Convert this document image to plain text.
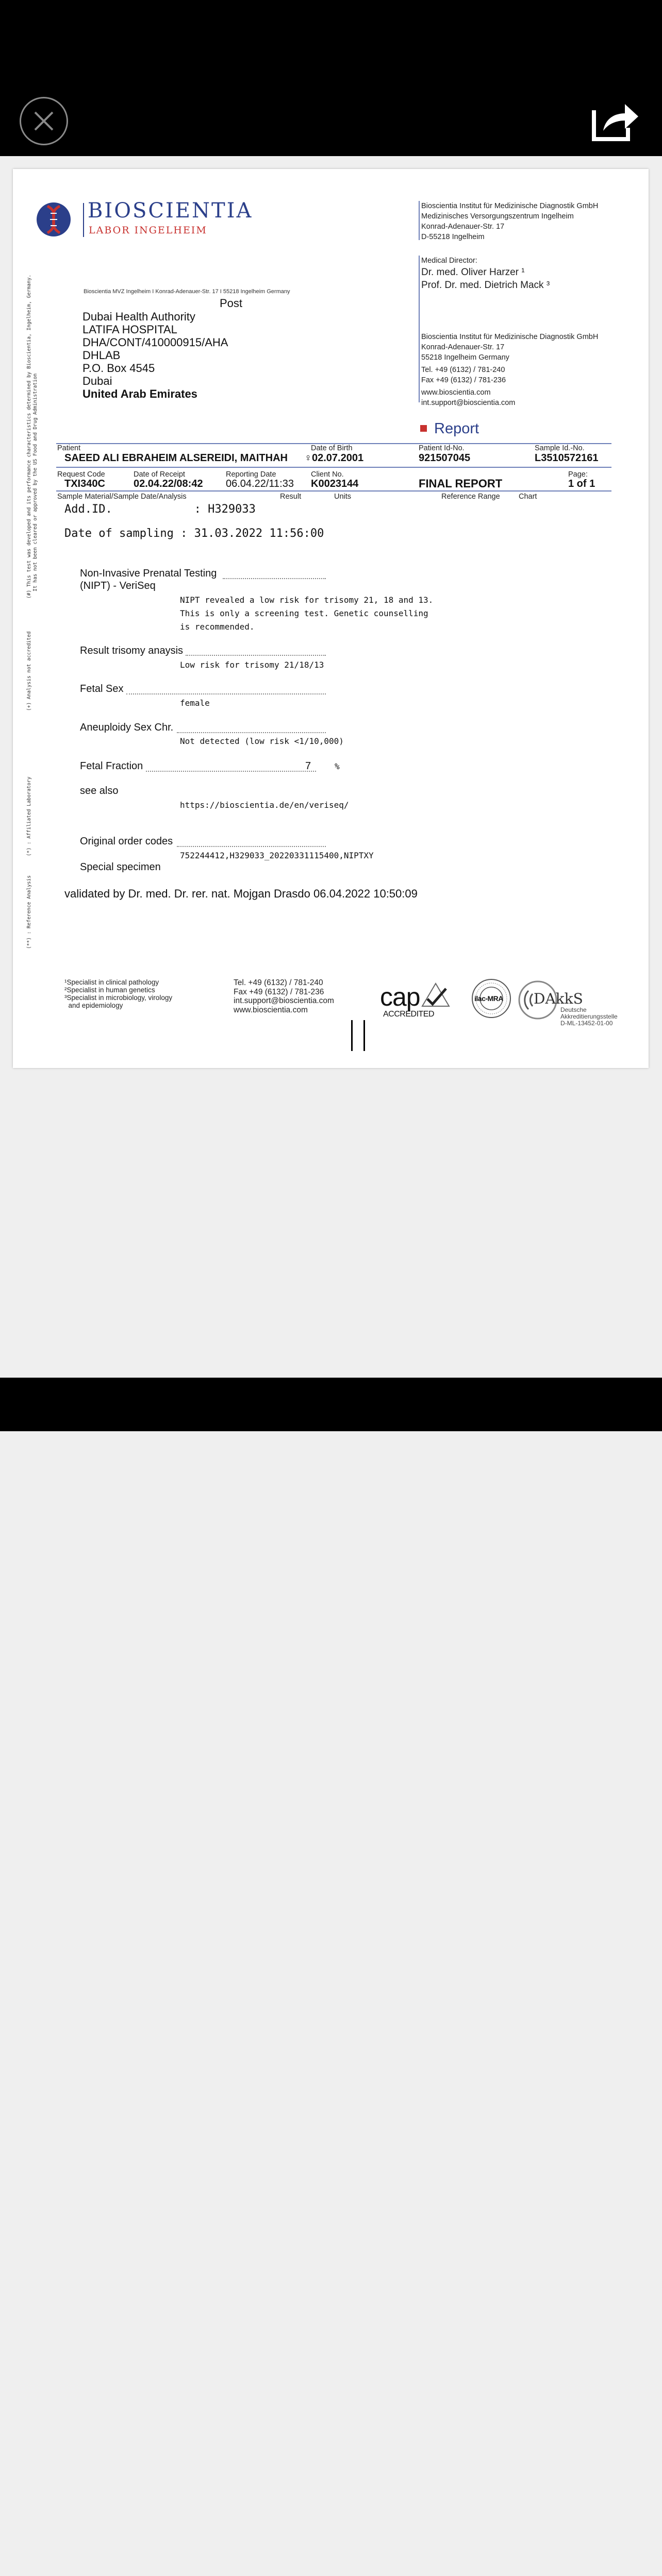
BIOSCIENTIA
LABOR INGELHEIM
Bioscientia Institut für Medizinische Diagnostik GmbH
Medizinisches Versorgungszentrum Ingelheim
Konrad-Adenauer-Str. 17
D-55218 Ingelheim
Medical Director:
Dr. med. Oliver Harzer ¹
Prof. Dr. med. Dietrich Mack ³
Bioscientia Institut für Medizinische Diagnostik GmbH
Konrad-Adenauer-Str. 17
55218 Ingelheim Germany
Tel. +49 (6132) / 781-240
Fax +49 (6132) / 781-236
www.bioscientia.com
int.support@bioscientia.com
Bioscientia MVZ Ingelheim I Konrad-Adenauer-Str. 17 I 55218 Ingelheim Germany
Post
Dubai Health Authority
LATIFA HOSPITAL
DHA/CONT/410000915/AHA
DHLAB
P.O. Box 4545
Dubai
United Arab Emirates
Report
Patient	Date of Birth	Patient Id-No.	Sample Id.-No.
SAEED ALI EBRAHEIM ALSEREIDI, MAITHAH ♀02.07.2001	921507045	L3510572161
Request Code	Date of Receipt	Reporting Date	Client No.	Page:
TXI340C	02.04.22/08:42 06.04.22/11:33 K0023144	FINAL REPORT	1 of 1
Sample Material/Sample Date/Analysis	Result	Units	Reference Range	Chart
Add.ID.            : H329033
Date of sampling : 31.03.2022 11:56:00
Non-Invasive Prenatal Testing
(NIPT) - VeriSeq
NIPT revealed a low risk for trisomy 21, 18 and 13.
This is only a screening test. Genetic counselling
is recommended.
Result trisomy anaysis
Low risk for trisomy 21/18/13
Fetal Sex
female
Aneuploidy Sex Chr.
Not detected (low risk <1/10,000)
Fetal Fraction	7	%
see also
https://bioscientia.de/en/veriseq/
Original order codes
752244412,H329033_20220331115400,NIPTXY
Special specimen
validated by Dr. med. Dr. rer. nat. Mojgan Drasdo 06.04.2022 10:50:09
(#) This test was developed and its performance characteristics determined by Bioscientia, Ingelheim, Germany. It has not been cleared or approved by the US Food and Drug Administration
(+) Analysis not accredited
(*) : Affiliated Laboratory
(**) : Reference Analysis
¹Specialist in clinical pathology
²Specialist in human genetics
³Specialist in microbiology, virology
and epidemiology
Tel. +49 (6132) / 781-240
Fax +49 (6132) / 781-236
int.support@bioscientia.com
www.bioscientia.com	cap
ACCREDITED
ilac-MRA DAkkS
Deutsche
Akkreditierungsstelle
D-ML-13452-01-00
